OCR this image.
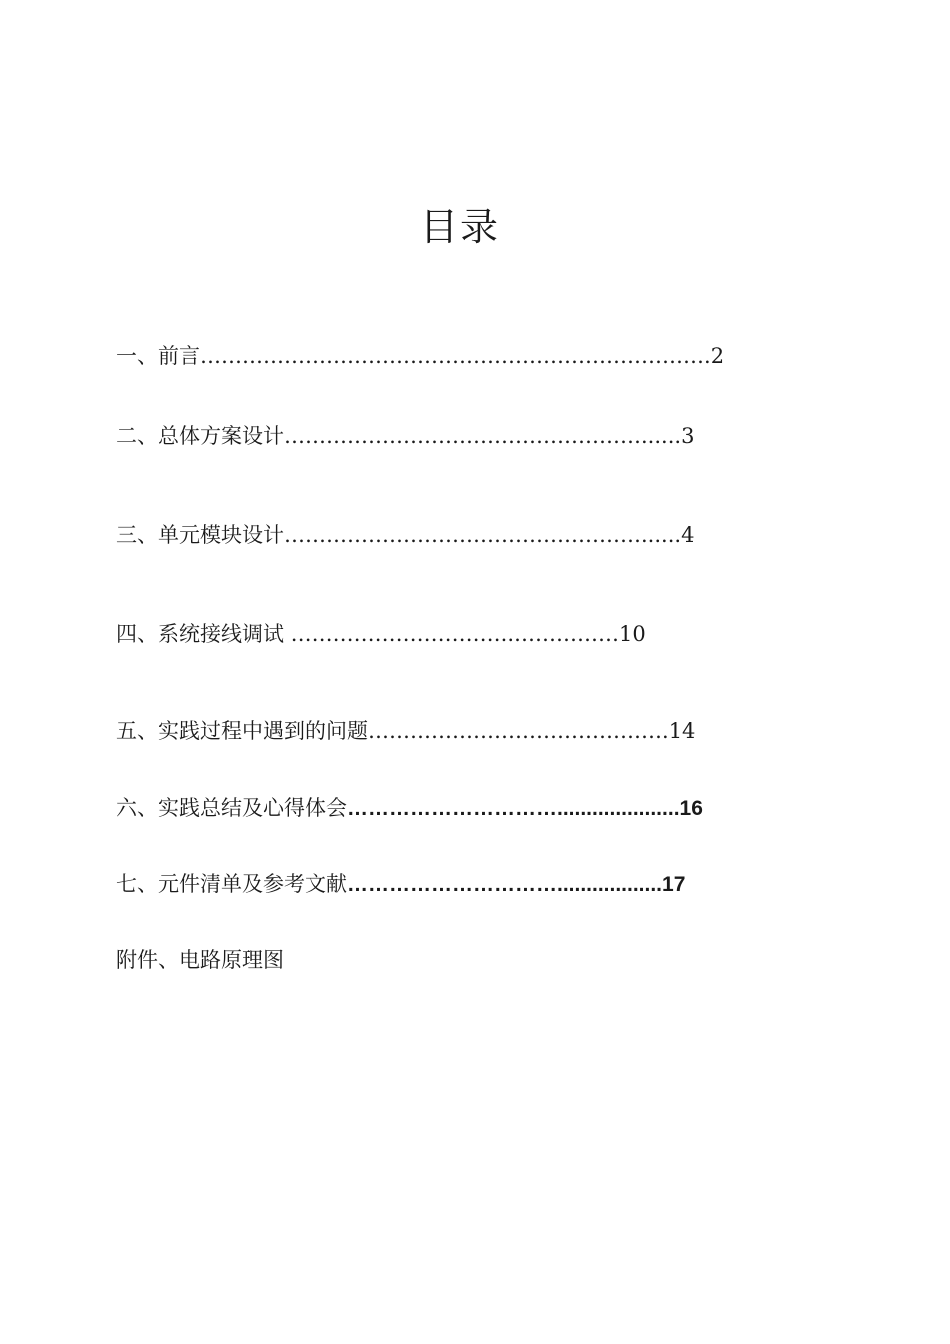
目录
一、前言……………………………………………………………….2
二、总体方案设计……………………………………………......3
三、单元模块设计……………………………………………......4
四、系统接线调试 …………………………..……………10
五、实践过程中遇到的问题…………………………………….14
六、实践总结及心得体会………………………….....................16
七、元件清单及参考文献…………………………..................17
附件、电路原理图
